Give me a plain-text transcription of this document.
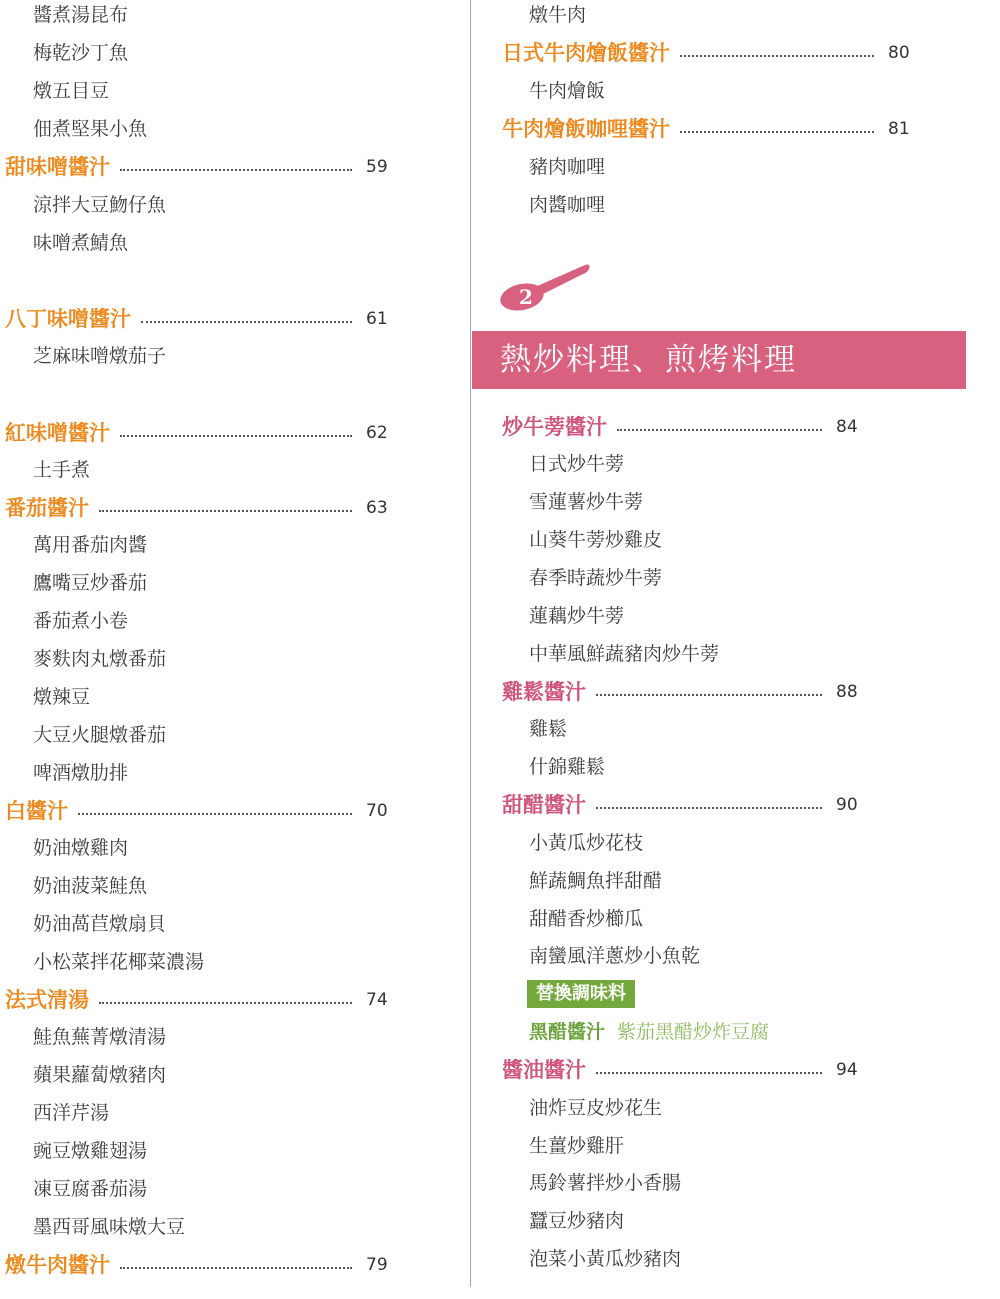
醬煮湯昆布
梅乾沙丁魚
燉五目豆
佃煮堅果小魚
甜味噌醬汁	59
涼拌大豆魩仔魚
味噌煮鯖魚
八丁味噌醬汁	61
芝麻味噌燉茄子
紅味噌醬汁	62
土手煮
番茄醬汁	63
萬用番茄肉醬
鷹嘴豆炒番茄
番茄煮小卷
麥麩肉丸燉番茄
燉辣豆
大豆火腿燉番茄
啤酒燉肋排
白醬汁	70
奶油燉雞肉
奶油菠菜鮭魚
奶油萵苣燉扇貝
小松菜拌花椰菜濃湯
法式清湯	74
鮭魚蕪菁燉清湯
蘋果蘿蔔燉豬肉
西洋芹湯
豌豆燉雞翅湯
凍豆腐番茄湯
墨西哥風味燉大豆
燉牛肉醬汁	79
2
熱炒料理、煎烤料理
替換調味料
黑醋醬汁 紫茄黑醋炒炸豆腐
燉牛肉
日式牛肉燴飯醬汁	80
牛肉燴飯
牛肉燴飯咖哩醬汁	81
豬肉咖哩
肉醬咖哩
炒牛蒡醬汁	84
日式炒牛蒡
雪蓮薯炒牛蒡
山葵牛蒡炒雞皮
春季時蔬炒牛蒡
蓮藕炒牛蒡
中華風鮮蔬豬肉炒牛蒡
雞鬆醬汁	88
雞鬆
什錦雞鬆
甜醋醬汁	90
小黃瓜炒花枝
鮮蔬鯛魚拌甜醋
甜醋香炒櫛瓜
南蠻風洋蔥炒小魚乾
醬油醬汁	94
油炸豆皮炒花生
生薑炒雞肝
馬鈴薯拌炒小香腸
蠶豆炒豬肉
泡菜小黃瓜炒豬肉
